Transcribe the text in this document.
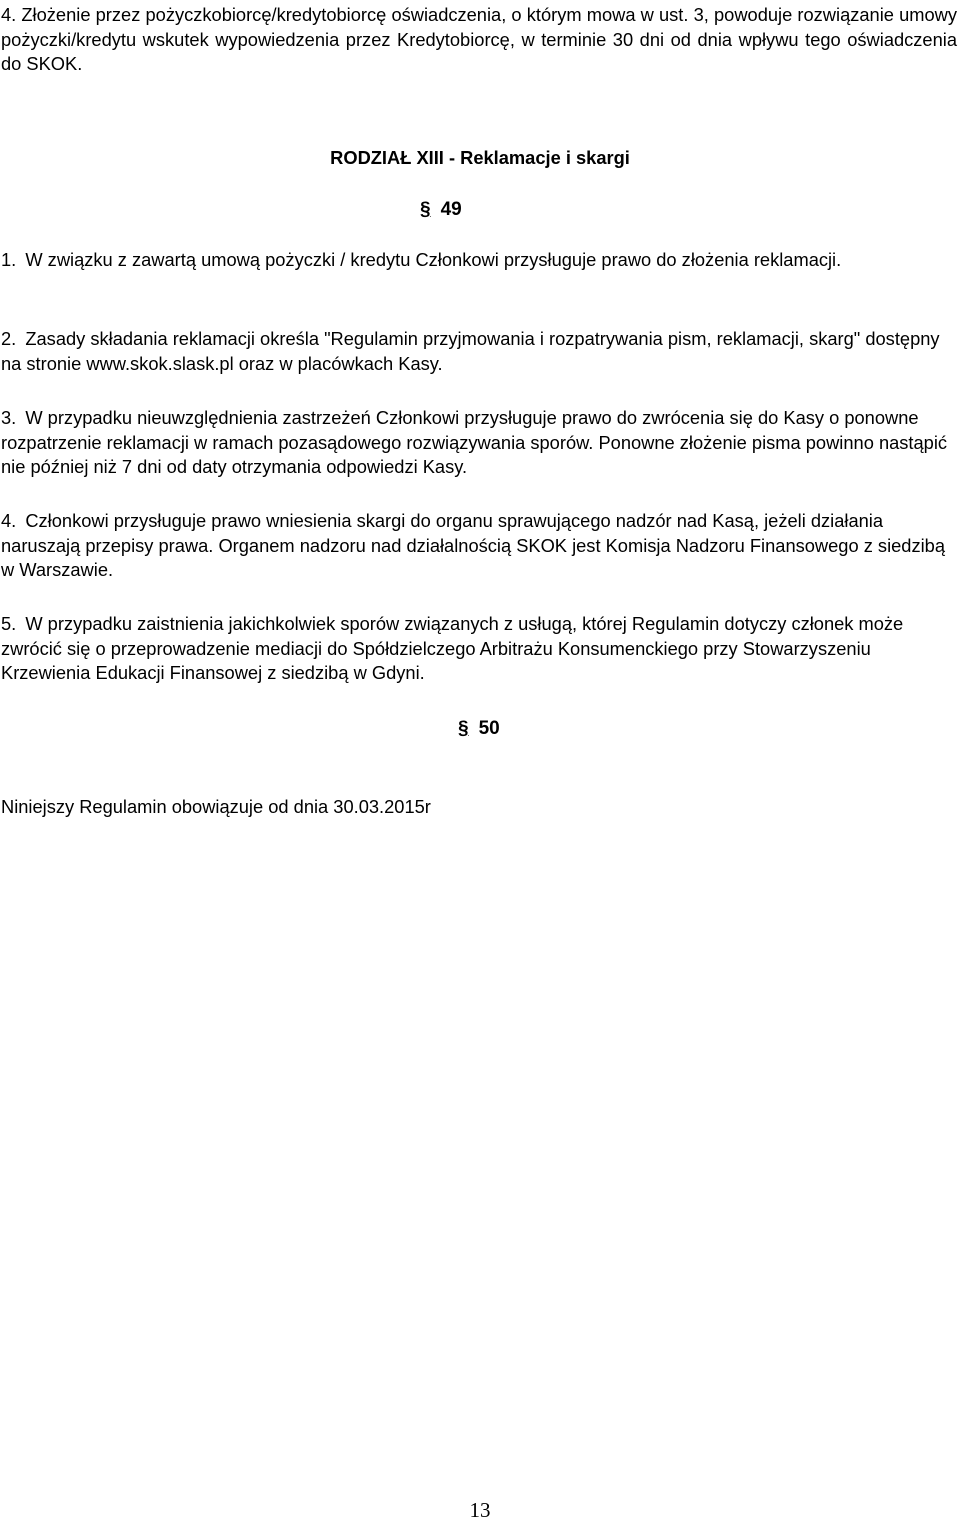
4. Złożenie przez pożyczkobiorcę/kredytobiorcę oświadczenia, o którym mowa w ust. 3, powoduje rozwiązanie umowy pożyczki/kredytu wskutek wypowiedzenia przez Kredytobiorcę, w terminie 30 dni od dnia wpływu tego oświadczenia do SKOK.

RODZIAŁ XIII - Reklamacje i skargi

§ 49

1. W związku z zawartą umową pożyczki / kredytu Członkowi przysługuje prawo do złożenia reklamacji.

2. Zasady składania reklamacji określa "Regulamin przyjmowania i rozpatrywania pism, reklamacji, skarg" dostępny na stronie www.skok.slask.pl oraz w placówkach Kasy.

3. W przypadku nieuwzględnienia zastrzeżeń Członkowi przysługuje prawo do zwrócenia się do Kasy o ponowne rozpatrzenie reklamacji w ramach pozasądowego rozwiązywania sporów. Ponowne złożenie pisma powinno nastąpić nie później niż 7 dni od daty otrzymania odpowiedzi Kasy.

4. Członkowi przysługuje prawo wniesienia skargi do organu sprawującego nadzór nad Kasą, jeżeli działania naruszają przepisy prawa. Organem nadzoru nad działalnością SKOK jest Komisja Nadzoru Finansowego z siedzibą w Warszawie.

5. W przypadku zaistnienia jakichkolwiek sporów związanych z usługą, której Regulamin dotyczy członek może zwrócić się o przeprowadzenie mediacji do Spółdzielczego Arbitrażu Konsumenckiego przy Stowarzyszeniu Krzewienia Edukacji Finansowej z siedzibą w Gdyni.

§ 50

Niniejszy Regulamin obowiązuje od dnia 30.03.2015r

13
